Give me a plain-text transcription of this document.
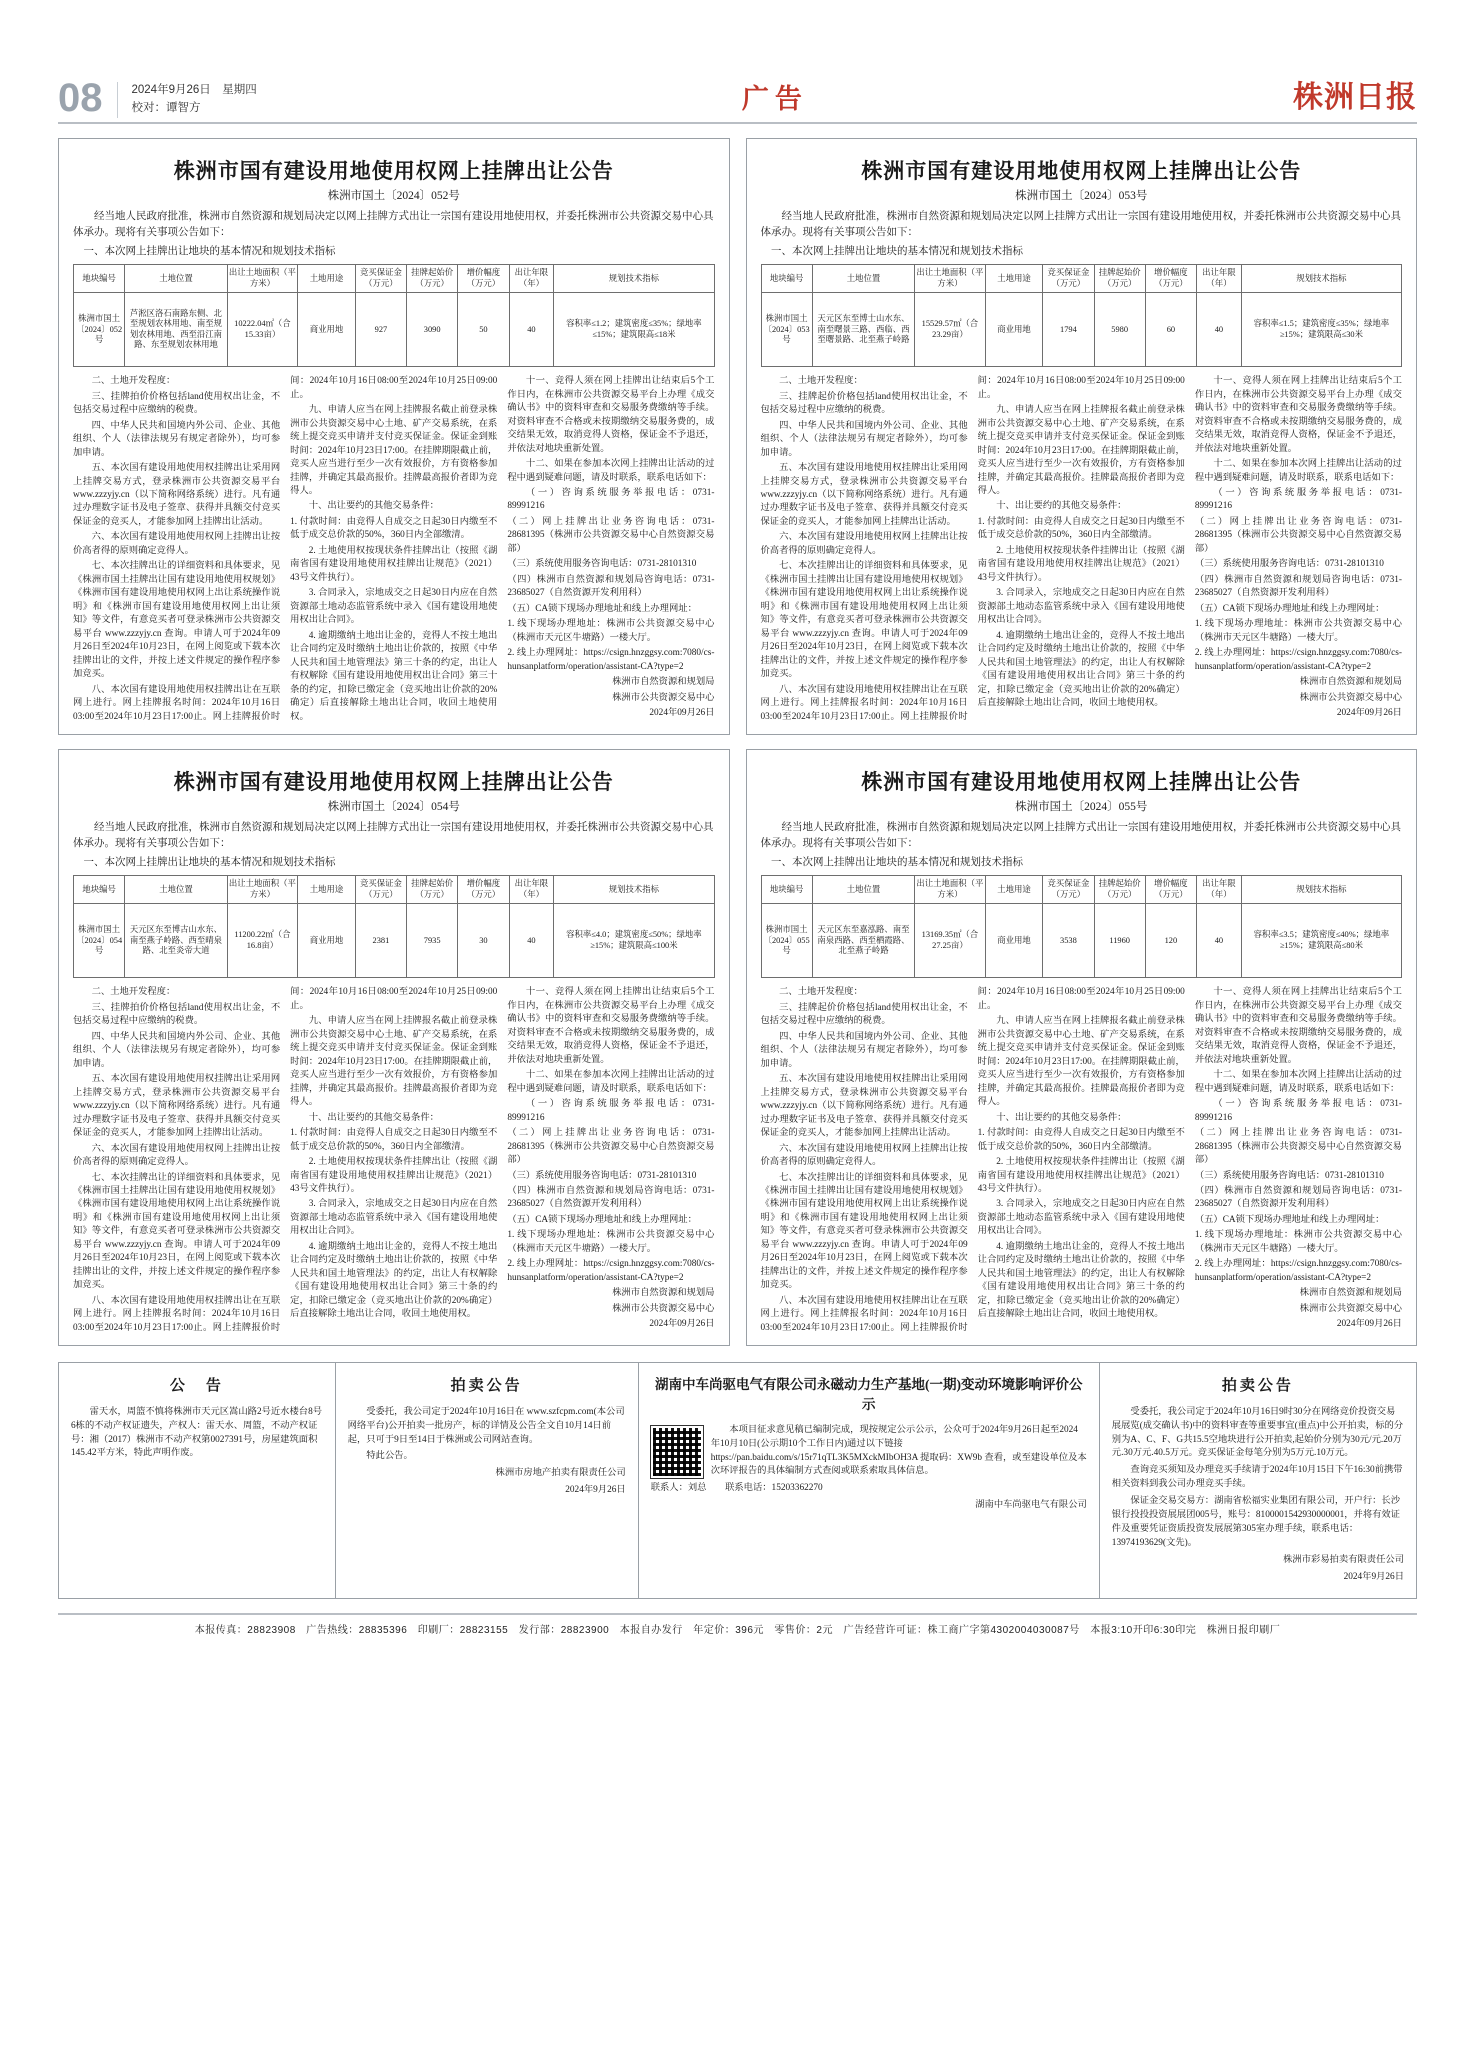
08	2024年9月26日　星期四
校对：谭智方	广告	株洲日报
株洲市国有建设用地使用权网上挂牌出让公告
株洲市国土〔2024〕052号

经当地人民政府批准，株洲市自然资源和规划局决定以网上挂牌方式出让一宗国有建设用地使用权，并委托株洲市公共资源交易中心具体承办。现将有关事项公告如下：

一、本次网上挂牌出让地块的基本情况和规划技术指标

地块编号	土地位置	出让土地面积（平方米）	土地用途	竞买保证金（万元）	挂牌起始价（万元）	增价幅度（万元）	出让年限（年）	规划技术指标
株洲市国土〔2024〕052号	芦淞区洛石南路东侧、北至规划农林用地、南至规划农林用地、西至沿江南路、东至规划农林用地	10222.04㎡（合15.33亩）	商业用地	927	3090	50	40	容积率≤1.2；建筑密度≤35%；绿地率≤15%；建筑限高≤18米

二、土地开发程度：

三、挂牌拍价价格包括land使用权出让金，不包括交易过程中应缴纳的税费。

四、中华人民共和国境内外公司、企业、其他组织、个人（法律法规另有规定者除外），均可参加申请。

五、本次国有建设用地使用权挂牌出让采用网上挂牌交易方式，登录株洲市公共资源交易平台 www.zzzyjy.cn（以下简称网络系统）进行。凡有通过办理数字证书及电子签章、获得并具额交付竞买保证金的竞买人，才能参加网上挂牌出让活动。

六、本次国有建设用地使用权网上挂牌出让按价高者得的原则确定竞得人。

七、本次挂牌出让的详细资料和具体要求，见《株洲市国土挂牌出让国有建设用地使用权规划》《株洲市国有建设用地使用权网上出让系统操作说明》和《株洲市国有建设用地使用权网上出让须知》等文件，有意竞买者可登录株洲市公共资源交易平台 www.zzzyjy.cn 查询。申请人可于2024年09月26日至2024年10月23日，在网上阅览或下载本次挂牌出让的文件，并按上述文件规定的操作程序参加竞买。

八、本次国有建设用地使用权挂牌出让在互联网上进行。网上挂牌报名时间：2024年10月16日03:00至2024年10月23日17:00止。网上挂牌报价时间：2024年10月16日08:00至2024年10月25日09:00止。

九、申请人应当在网上挂牌报名截止前登录株洲市公共资源交易中心土地、矿产交易系统，在系统上提交竞买申请并支付竞买保证金。保证金到账时间：2024年10月23日17:00。在挂牌期限截止前，竞买人应当进行至少一次有效报价，方有资格参加挂牌，并确定其最高报价。挂牌最高报价者即为竞得人。

十、出让要约的其他交易条件：

1. 付款时间：由竞得人自成交之日起30日内缴至不低于成交总价款的50%，360日内全部缴清。

2. 土地使用权按现状条件挂牌出让（按照《湖南省国有建设用地使用权挂牌出让规范》（2021）43号文件执行）。

3. 合同录入，宗地成交之日起30日内应在自然资源部土地动态监管系统中录入《国有建设用地使用权出让合同》。

4. 逾期缴纳土地出让金的，竞得人不按土地出让合同约定及时缴纳土地出让价款的，按照《中华人民共和国土地管理法》第三十条的约定，出让人有权解除《国有建设用地使用权出让合同》第三十条的约定，扣除已缴定金（竞买地出让价款的20%确定）后直接解除土地出让合同，收回土地使用权。

十一、竞得人须在网上挂牌出让结束后5个工作日内，在株洲市公共资源交易平台上办理《成交确认书》中的资料审查和交易服务费缴纳等手续。对资料审查不合格或未按期缴纳交易服务费的，成交结果无效，取消竞得人资格，保证金不予退还，并依法对地块重新处置。

十二、如果在参加本次网上挂牌出让活动的过程中遇到疑难问题，请及时联系，联系电话如下：

（一）咨询系统服务举报电话：0731-89991216

（二）网上挂牌出让业务咨询电话：0731-28681395（株洲市公共资源交易中心自然资源交易部）

（三）系统使用服务咨询电话：0731-28101310

（四）株洲市自然资源和规划局咨询电话：0731-23685027（自然资源开发利用科）

（五）CA锁下现场办理地址和线上办理网址：

1. 线下现场办理地址：株洲市公共资源交易中心（株洲市天元区牛塘路）一楼大厅。

2. 线上办理网址：https://csign.hnzggsy.com:7080/cs-hunsanplatform/operation/assistant-CA?type=2

株洲市自然资源和规划局

株洲市公共资源交易中心

2024年09月26日

株洲市国有建设用地使用权网上挂牌出让公告
株洲市国土〔2024〕053号

经当地人民政府批准，株洲市自然资源和规划局决定以网上挂牌方式出让一宗国有建设用地使用权，并委托株洲市公共资源交易中心具体承办。现将有关事项公告如下：

一、本次网上挂牌出让地块的基本情况和规划技术指标

地块编号	土地位置	出让土地面积（平方米）	土地用途	竞买保证金（万元）	挂牌起始价（万元）	增价幅度（万元）	出让年限（年）	规划技术指标
株洲市国土〔2024〕053号	天元区东至博士山水东、南至曙景三路、西临、西至曙景路、北至燕子岭路	15529.57㎡（合23.29亩）	商业用地	1794	5980	60	40	容积率≤1.5；建筑密度≤35%；绿地率≥15%；建筑限高≤30米

二、土地开发程度：

三、挂牌起价价格包括land使用权出让金，不包括交易过程中应缴纳的税费。

四、中华人民共和国境内外公司、企业、其他组织、个人（法律法规另有规定者除外），均可参加申请。

五、本次国有建设用地使用权挂牌出让采用网上挂牌交易方式，登录株洲市公共资源交易平台 www.zzzyjy.cn（以下简称网络系统）进行。凡有通过办理数字证书及电子签章、获得并具额交付竞买保证金的竞买人，才能参加网上挂牌出让活动。

六、本次国有建设用地使用权网上挂牌出让按价高者得的原则确定竞得人。

七、本次挂牌出让的详细资料和具体要求，见《株洲市国土挂牌出让国有建设用地使用权规划》《株洲市国有建设用地使用权网上出让系统操作说明》和《株洲市国有建设用地使用权网上出让须知》等文件，有意竞买者可登录株洲市公共资源交易平台 www.zzzyjy.cn 查询。申请人可于2024年09月26日至2024年10月23日，在网上阅览或下载本次挂牌出让的文件，并按上述文件规定的操作程序参加竞买。

八、本次国有建设用地使用权挂牌出让在互联网上进行。网上挂牌报名时间：2024年10月16日03:00至2024年10月23日17:00止。网上挂牌报价时间：2024年10月16日08:00至2024年10月25日09:00止。

九、申请人应当在网上挂牌报名截止前登录株洲市公共资源交易中心土地、矿产交易系统，在系统上提交竞买申请并支付竞买保证金。保证金到账时间：2024年10月23日17:00。在挂牌期限截止前，竞买人应当进行至少一次有效报价，方有资格参加挂牌，并确定其最高报价。挂牌最高报价者即为竞得人。

十、出让要约的其他交易条件：

1. 付款时间：由竞得人自成交之日起30日内缴至不低于成交总价款的50%，360日内全部缴清。

2. 土地使用权按现状条件挂牌出让（按照《湖南省国有建设用地使用权挂牌出让规范》（2021）43号文件执行）。

3. 合同录入，宗地成交之日起30日内应在自然资源部土地动态监管系统中录入《国有建设用地使用权出让合同》。

4. 逾期缴纳土地出让金的，竞得人不按土地出让合同约定及时缴纳土地出让价款的，按照《中华人民共和国土地管理法》的约定，出让人有权解除《国有建设用地使用权出让合同》第三十条的约定，扣除已缴定金（竞买地出让价款的20%确定）后直接解除土地出让合同，收回土地使用权。

十一、竞得人须在网上挂牌出让结束后5个工作日内，在株洲市公共资源交易平台上办理《成交确认书》中的资料审查和交易服务费缴纳等手续。对资料审查不合格或未按期缴纳交易服务费的，成交结果无效，取消竞得人资格，保证金不予退还，并依法对地块重新处置。

十二、如果在参加本次网上挂牌出让活动的过程中遇到疑难问题，请及时联系，联系电话如下：

（一）咨询系统服务举报电话：0731-89991216

（二）网上挂牌出让业务咨询电话：0731-28681395（株洲市公共资源交易中心自然资源交易部）

（三）系统使用服务咨询电话：0731-28101310

（四）株洲市自然资源和规划局咨询电话：0731-23685027（自然资源开发利用科）

（五）CA锁下现场办理地址和线上办理网址：

1. 线下现场办理地址：株洲市公共资源交易中心（株洲市天元区牛塘路）一楼大厅。

2. 线上办理网址：https://csign.hnzggsy.com:7080/cs-hunsanplatform/operation/assistant-CA?type=2

株洲市自然资源和规划局

株洲市公共资源交易中心

2024年09月26日

株洲市国有建设用地使用权网上挂牌出让公告
株洲市国土〔2024〕054号

经当地人民政府批准，株洲市自然资源和规划局决定以网上挂牌方式出让一宗国有建设用地使用权，并委托株洲市公共资源交易中心具体承办。现将有关事项公告如下：

一、本次网上挂牌出让地块的基本情况和规划技术指标

地块编号	土地位置	出让土地面积（平方米）	土地用途	竞买保证金（万元）	挂牌起始价（万元）	增价幅度（万元）	出让年限（年）	规划技术指标
株洲市国土〔2024〕054号	天元区东至博古山水东、南至燕子岭路、西至晴泉路、北至炎帝大道	11200.22㎡（合16.8亩）	商业用地	2381	7935	30	40	容积率≤4.0；建筑密度≤50%；绿地率≥15%；建筑限高≤100米

二、土地开发程度：

三、挂牌拍价价格包括land使用权出让金，不包括交易过程中应缴纳的税费。

四、中华人民共和国境内外公司、企业、其他组织、个人（法律法规另有规定者除外），均可参加申请。

五、本次国有建设用地使用权挂牌出让采用网上挂牌交易方式，登录株洲市公共资源交易平台 www.zzzyjy.cn（以下简称网络系统）进行。凡有通过办理数字证书及电子签章、获得并具额交付竞买保证金的竞买人，才能参加网上挂牌出让活动。

六、本次国有建设用地使用权网上挂牌出让按价高者得的原则确定竞得人。

七、本次挂牌出让的详细资料和具体要求，见《株洲市国土挂牌出让国有建设用地使用权规划》《株洲市国有建设用地使用权网上出让系统操作说明》和《株洲市国有建设用地使用权网上出让须知》等文件，有意竞买者可登录株洲市公共资源交易平台 www.zzzyjy.cn 查询。申请人可于2024年09月26日至2024年10月23日，在网上阅览或下载本次挂牌出让的文件，并按上述文件规定的操作程序参加竞买。

八、本次国有建设用地使用权挂牌出让在互联网上进行。网上挂牌报名时间：2024年10月16日03:00至2024年10月23日17:00止。网上挂牌报价时间：2024年10月16日08:00至2024年10月25日09:00止。

九、申请人应当在网上挂牌报名截止前登录株洲市公共资源交易中心土地、矿产交易系统，在系统上提交竞买申请并支付竞买保证金。保证金到账时间：2024年10月23日17:00。在挂牌期限截止前，竞买人应当进行至少一次有效报价，方有资格参加挂牌，并确定其最高报价。挂牌最高报价者即为竞得人。

十、出让要约的其他交易条件：

1. 付款时间：由竞得人自成交之日起30日内缴至不低于成交总价款的50%，360日内全部缴清。

2. 土地使用权按现状条件挂牌出让（按照《湖南省国有建设用地使用权挂牌出让规范》（2021）43号文件执行）。

3. 合同录入，宗地成交之日起30日内应在自然资源部土地动态监管系统中录入《国有建设用地使用权出让合同》。

4. 逾期缴纳土地出让金的，竞得人不按土地出让合同约定及时缴纳土地出让价款的，按照《中华人民共和国土地管理法》的约定，出让人有权解除《国有建设用地使用权出让合同》第三十条的约定，扣除已缴定金（竞买地出让价款的20%确定）后直接解除土地出让合同，收回土地使用权。

十一、竞得人须在网上挂牌出让结束后5个工作日内，在株洲市公共资源交易平台上办理《成交确认书》中的资料审查和交易服务费缴纳等手续。对资料审查不合格或未按期缴纳交易服务费的，成交结果无效，取消竞得人资格，保证金不予退还，并依法对地块重新处置。

十二、如果在参加本次网上挂牌出让活动的过程中遇到疑难问题，请及时联系，联系电话如下：

（一）咨询系统服务举报电话：0731-89991216

（二）网上挂牌出让业务咨询电话：0731-28681395（株洲市公共资源交易中心自然资源交易部）

（三）系统使用服务咨询电话：0731-28101310

（四）株洲市自然资源和规划局咨询电话：0731-23685027（自然资源开发利用科）

（五）CA锁下现场办理地址和线上办理网址：

1. 线下现场办理地址：株洲市公共资源交易中心（株洲市天元区牛塘路）一楼大厅。

2. 线上办理网址：https://csign.hnzggsy.com:7080/cs-hunsanplatform/operation/assistant-CA?type=2

株洲市自然资源和规划局

株洲市公共资源交易中心

2024年09月26日

株洲市国有建设用地使用权网上挂牌出让公告
株洲市国土〔2024〕055号

经当地人民政府批准，株洲市自然资源和规划局决定以网上挂牌方式出让一宗国有建设用地使用权，并委托株洲市公共资源交易中心具体承办。现将有关事项公告如下：

一、本次网上挂牌出让地块的基本情况和规划技术指标

地块编号	土地位置	出让土地面积（平方米）	土地用途	竞买保证金（万元）	挂牌起始价（万元）	增价幅度（万元）	出让年限（年）	规划技术指标
株洲市国土〔2024〕055号	天元区东至嘉泓路、南至南泉西路、西至栖霞路、北至燕子岭路	13169.35㎡（合27.25亩）	商业用地	3538	11960	120	40	容积率≤3.5；建筑密度≤40%；绿地率≥15%；建筑限高≤80米

二、土地开发程度：

三、挂牌起价价格包括land使用权出让金，不包括交易过程中应缴纳的税费。

四、中华人民共和国境内外公司、企业、其他组织、个人（法律法规另有规定者除外），均可参加申请。

五、本次国有建设用地使用权挂牌出让采用网上挂牌交易方式，登录株洲市公共资源交易平台 www.zzzyjy.cn（以下简称网络系统）进行。凡有通过办理数字证书及电子签章、获得并具额交付竞买保证金的竞买人，才能参加网上挂牌出让活动。

六、本次国有建设用地使用权网上挂牌出让按价高者得的原则确定竞得人。

七、本次挂牌出让的详细资料和具体要求，见《株洲市国土挂牌出让国有建设用地使用权规划》《株洲市国有建设用地使用权网上出让系统操作说明》和《株洲市国有建设用地使用权网上出让须知》等文件，有意竞买者可登录株洲市公共资源交易平台 www.zzzyjy.cn 查询。申请人可于2024年09月26日至2024年10月23日，在网上阅览或下载本次挂牌出让的文件，并按上述文件规定的操作程序参加竞买。

八、本次国有建设用地使用权挂牌出让在互联网上进行。网上挂牌报名时间：2024年10月16日03:00至2024年10月23日17:00止。网上挂牌报价时间：2024年10月16日08:00至2024年10月25日09:00止。

九、申请人应当在网上挂牌报名截止前登录株洲市公共资源交易中心土地、矿产交易系统，在系统上提交竞买申请并支付竞买保证金。保证金到账时间：2024年10月23日17:00。在挂牌期限截止前，竞买人应当进行至少一次有效报价，方有资格参加挂牌，并确定其最高报价。挂牌最高报价者即为竞得人。

十、出让要约的其他交易条件：

1. 付款时间：由竞得人自成交之日起30日内缴至不低于成交总价款的50%，360日内全部缴清。

2. 土地使用权按现状条件挂牌出让（按照《湖南省国有建设用地使用权挂牌出让规范》（2021）43号文件执行）。

3. 合同录入，宗地成交之日起30日内应在自然资源部土地动态监管系统中录入《国有建设用地使用权出让合同》。

4. 逾期缴纳土地出让金的，竞得人不按土地出让合同约定及时缴纳土地出让价款的，按照《中华人民共和国土地管理法》的约定，出让人有权解除《国有建设用地使用权出让合同》第三十条的约定，扣除已缴定金（竞买地出让价款的20%确定）后直接解除土地出让合同，收回土地使用权。

十一、竞得人须在网上挂牌出让结束后5个工作日内，在株洲市公共资源交易平台上办理《成交确认书》中的资料审查和交易服务费缴纳等手续。对资料审查不合格或未按期缴纳交易服务费的，成交结果无效，取消竞得人资格，保证金不予退还，并依法对地块重新处置。

十二、如果在参加本次网上挂牌出让活动的过程中遇到疑难问题，请及时联系，联系电话如下：

（一）咨询系统服务举报电话：0731-89991216

（二）网上挂牌出让业务咨询电话：0731-28681395（株洲市公共资源交易中心自然资源交易部）

（三）系统使用服务咨询电话：0731-28101310

（四）株洲市自然资源和规划局咨询电话：0731-23685027（自然资源开发利用科）

（五）CA锁下现场办理地址和线上办理网址：

1. 线下现场办理地址：株洲市公共资源交易中心（株洲市天元区牛塘路）一楼大厅。

2. 线上办理网址：https://csign.hnzggsy.com:7080/cs-hunsanplatform/operation/assistant-CA?type=2

株洲市自然资源和规划局

株洲市公共资源交易中心

2024年09月26日

公　告

雷天水，周篮不慎将株洲市天元区嵩山路2号近水楼台8号6栋的不动产权证遗失，产权人：雷天水、周篮，不动产权证号：湘（2017）株洲市不动产权第0027391号，房屋建筑面积145.42平方米，特此声明作废。

拍卖公告

受委托，我公司定于2024年10月16日在 www.szfcpm.com(本公司网络平台)公开拍卖一批房产，标的详情及公告全文自10月14日前起，只可于9日至14日于株洲或公司网站查询。

特此公告。

株洲市房地产拍卖有限责任公司

2024年9月26日

湖南中车尚驱电气有限公司永磁动力生产基地(一期)变动环境影响评价公示

本项目征求意见稿已编制完成，现按规定公示公示，公众可于2024年9月26日起至2024年10月10日(公示期10个工作日内)通过以下链接 https://pan.baidu.com/s/15r71qTL3K5MXckMIbOH3A 提取码：XW9b 查看，或至建设单位及本次环评报告的具体编制方式查阅或联系索取具体信息。

联系人：刘总　　联系电话：15203362270

湖南中车尚驱电气有限公司

拍卖公告

受委托，我公司定于2024年10月16日9时30分在网络竞价投资交易展展览(成交确认书)中的资料审查等重要事宜(重点)中公开拍卖，标的分别为A、C、F、G共15.5空地块进行公开拍卖,起始价分别为30元/元.20万元.30万元.40.5万元。竞买保证金每笔分别为5万元.10万元。

查询竞买须知及办理竞买手续请于2024年10月15日下午16:30前携带相关资料到我公司办理竞买手续。

保证金交易交易方：湖南省松福实业集团有限公司，开户行：长沙银行投投投资展展团005号，账号：8100001542930000001，并将有效证件及重要凭证资质投资发展展第305室办理手续，联系电话：13974193629(文先)。

株洲市彩易拍卖有限责任公司

2024年9月26日

本报传真：28823908　广告热线：28835396　印刷厂：28823155　发行部：28823900　本报自办发行　年定价：396元　零售价：2元　广告经营许可证：株工商广字第4302004030087号　本报3:10开印6:30印完　株洲日报印刷厂
